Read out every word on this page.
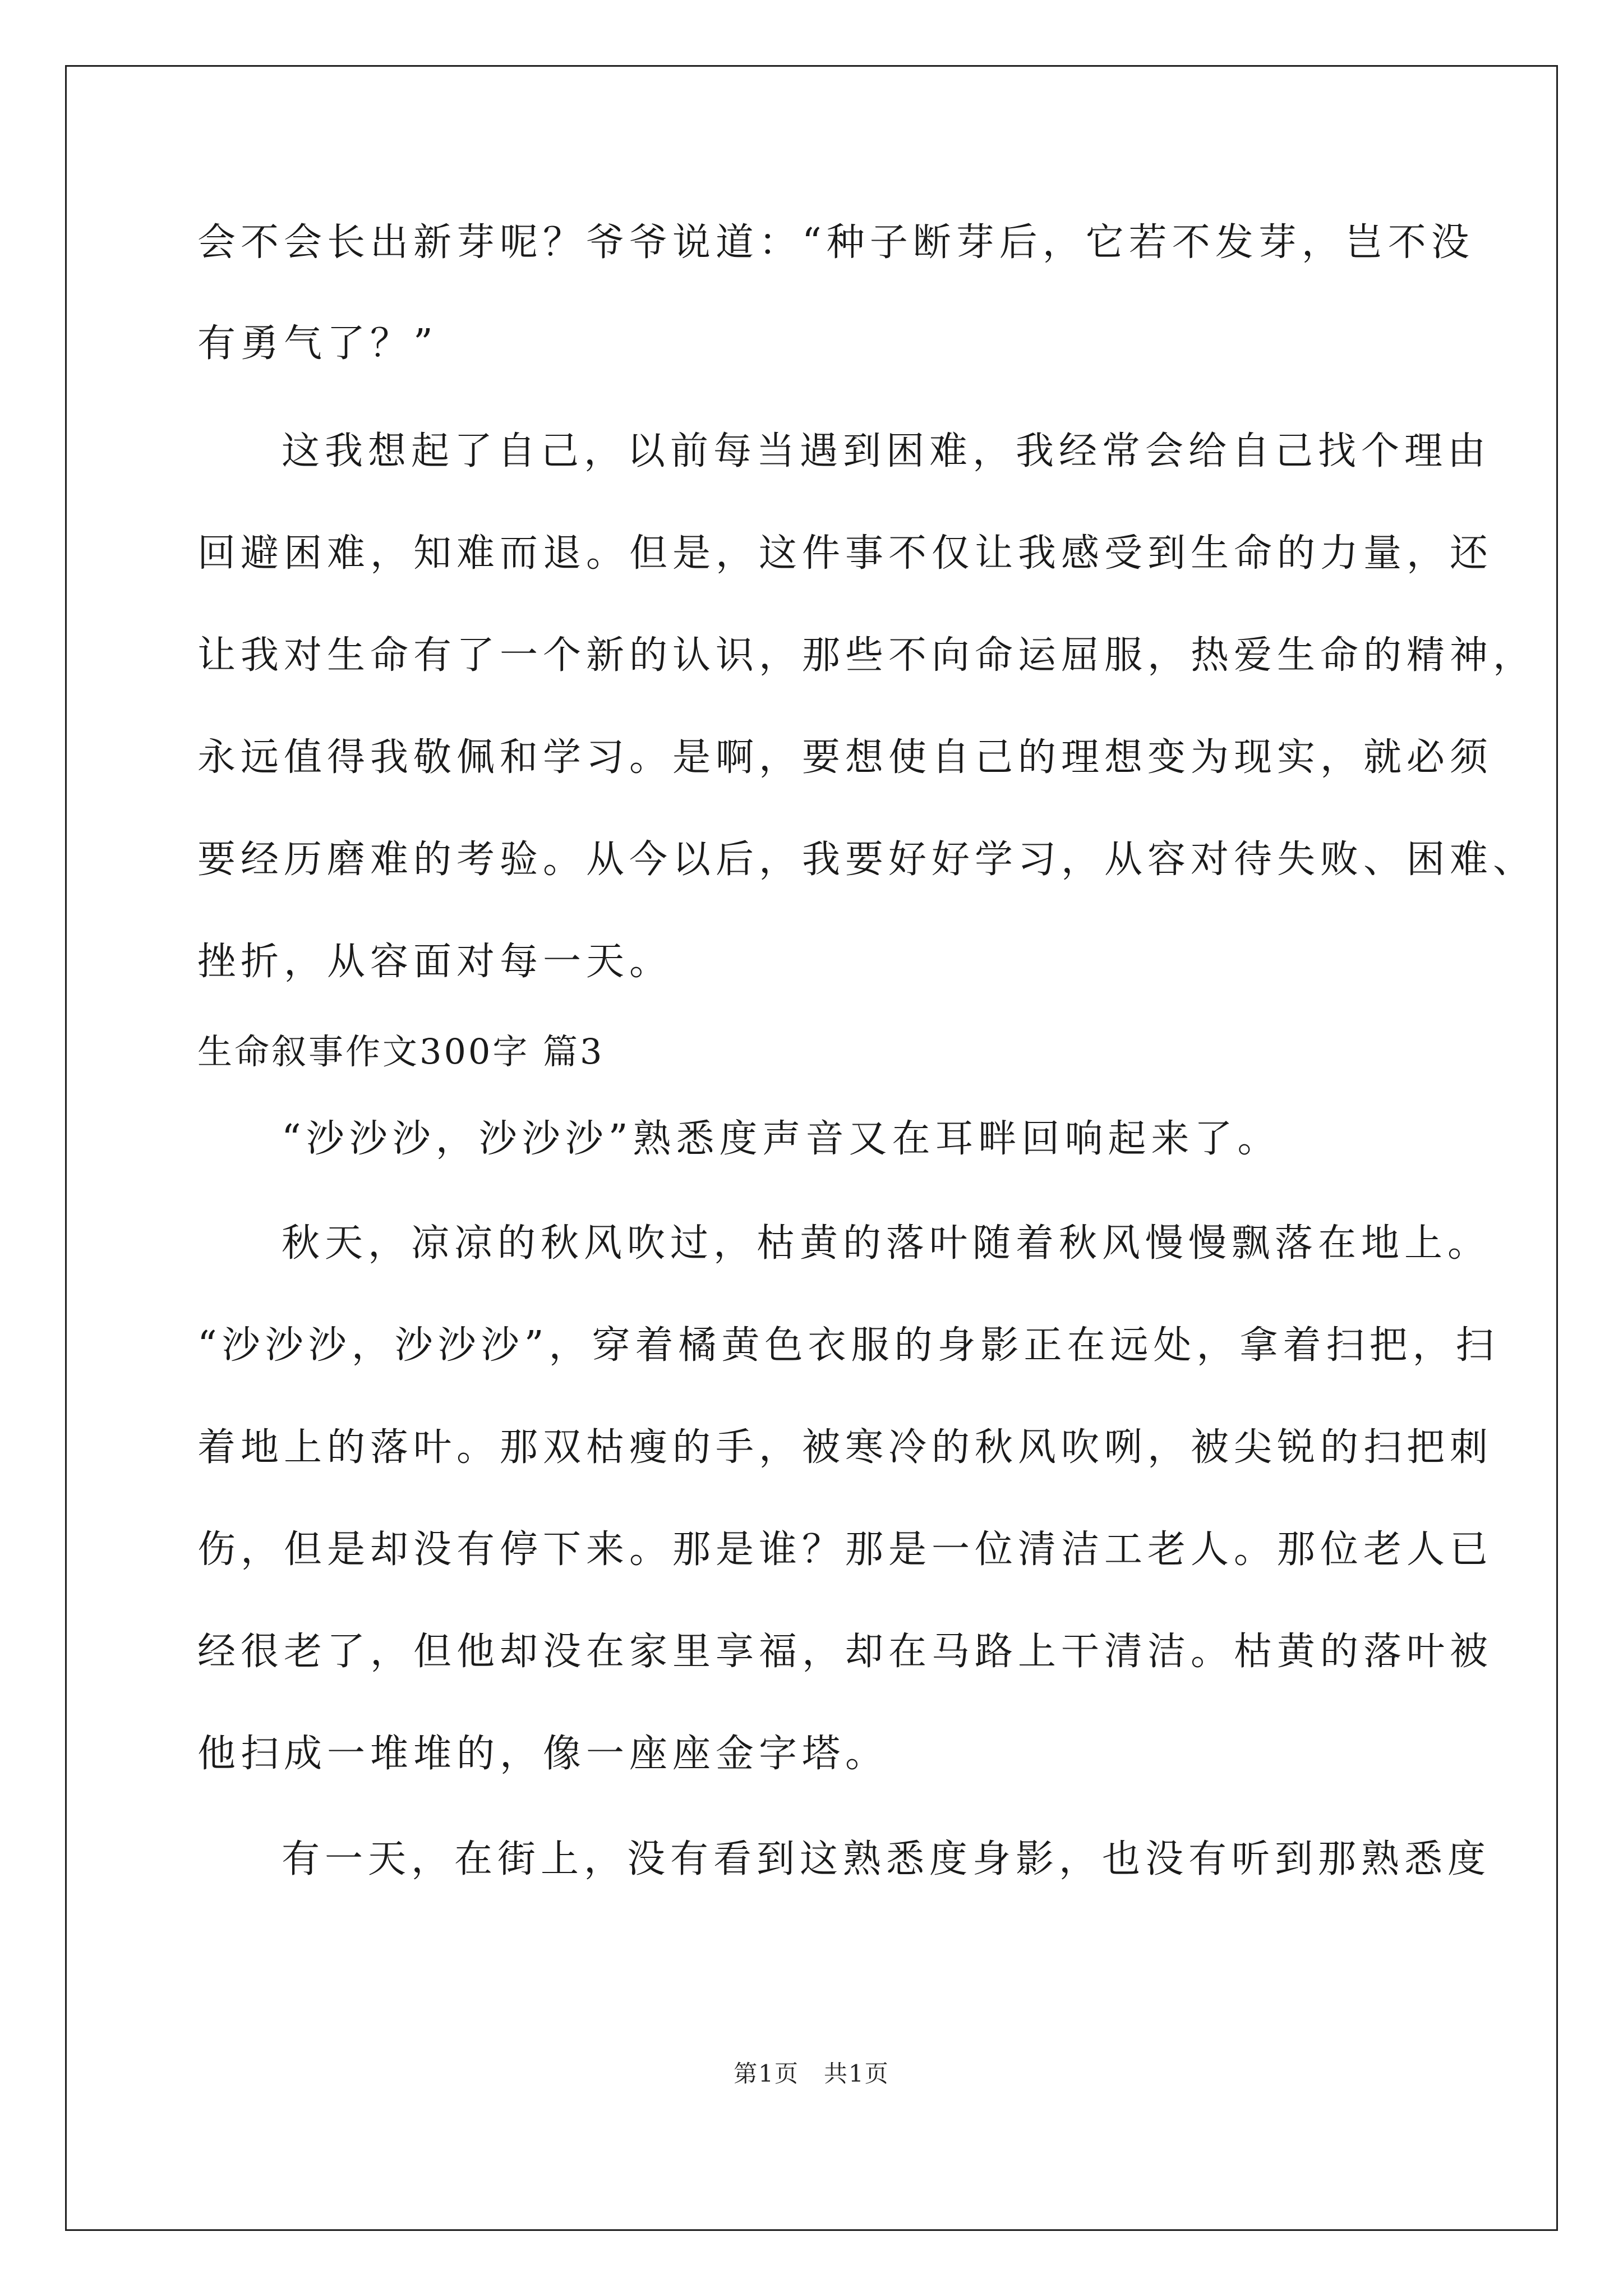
会不会长出新芽呢？爷爷说道：“种子断芽后，它若不发芽，岂不没
有勇气了？”
这我想起了自己，以前每当遇到困难，我经常会给自己找个理由
回避困难，知难而退。但是，这件事不仅让我感受到生命的力量，还
让我对生命有了一个新的认识，那些不向命运屈服，热爱生命的精神，
永远值得我敬佩和学习。是啊，要想使自己的理想变为现实，就必须
要经历磨难的考验。从今以后，我要好好学习，从容对待失败、困难、
挫折，从容面对每一天。
生命叙事作文300字 篇3
“沙沙沙，沙沙沙”熟悉度声音又在耳畔回响起来了。
秋天，凉凉的秋风吹过，枯黄的落叶随着秋风慢慢飘落在地上。
“沙沙沙，沙沙沙”，穿着橘黄色衣服的身影正在远处，拿着扫把，扫
着地上的落叶。那双枯瘦的手，被寒冷的秋风吹咧，被尖锐的扫把刺
伤，但是却没有停下来。那是谁？那是一位清洁工老人。那位老人已
经很老了，但他却没在家里享福，却在马路上干清洁。枯黄的落叶被
他扫成一堆堆的，像一座座金字塔。
有一天，在街上，没有看到这熟悉度身影，也没有听到那熟悉度
第1页　共1页
